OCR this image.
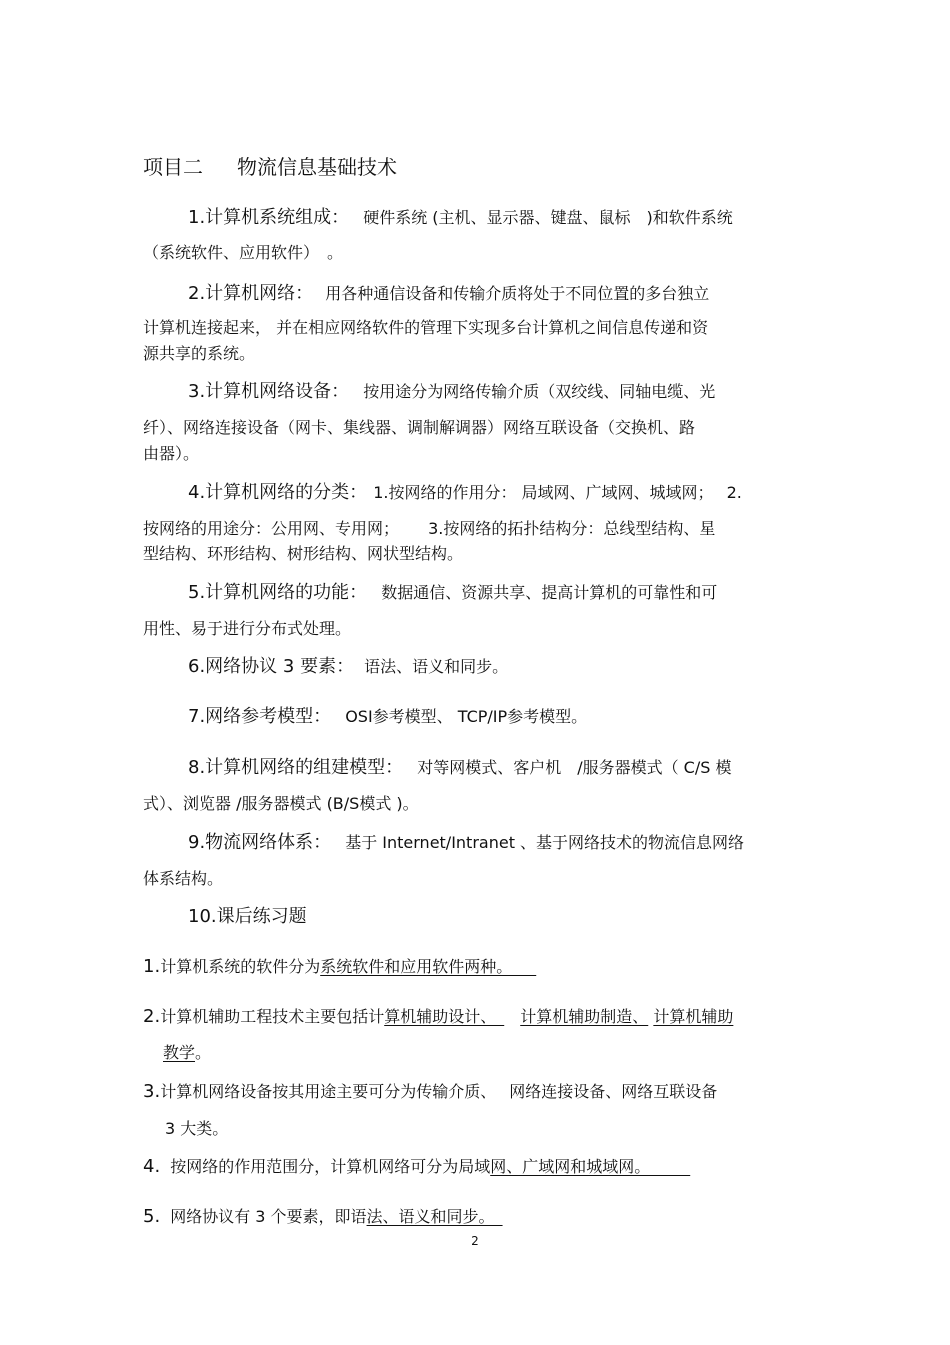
项目二 物流信息基础技术
1.计算机系统组成： 硬件系统 (主机、显示器、键盘、鼠标　)和软件系统
（系统软件、应用软件）　。
2.计算机网络： 用各种通信设备和传输介质将处于不同位置的多台独立
计算机连接起来， 并在相应网络软件的管理下实现多台计算机之间信息传递和资
源共享的系统。
3.计算机网络设备： 按用途分为网络传输介质（双绞线、同轴电缆、光
纤）、网络连接设备（网卡、集线器、调制解调器）网络互联设备（交换机、路
由器）。
4.计算机网络的分类： 1.按网络的作用分： 局域网、广域网、城域网；　 2.
按网络的用途分：公用网、专用网；　　 3.按网络的拓扑结构分：总线型结构、星
型结构、环形结构、树形结构、网状型结构。
5.计算机网络的功能： 数据通信、资源共享、提高计算机的可靠性和可
用性、易于进行分布式处理。
6.网络协议 3 要素： 语法、语义和同步。
7.网络参考模型： OSI参考模型、 TCP/IP参考模型。
8.计算机网络的组建模型： 对等网模式、客户机　/服务器模式（ C/S 模
式）、浏览器 /服务器模式 (B/S模式 )。
9.物流网络体系： 基于 Internet/Intranet 、基于网络技术的物流信息网络
体系结构。
10.课后练习题
1.计算机系统的软件分为系统软件和应用软件两种。　　
2.计算机辅助工程技术主要包括计算机辅助设计、　　计算机辅助制造、 计算机辅助
教学。
3.计算机网络设备按其用途主要可分为传输介质、　 网络连接设备、网络互联设备
3 大类。
4. 按网络的作用范围分，计算机网络可分为局域网、广域网和城域网。　　　
5. 网络协议有 3 个要素，即语法、语义和同步。　
2
